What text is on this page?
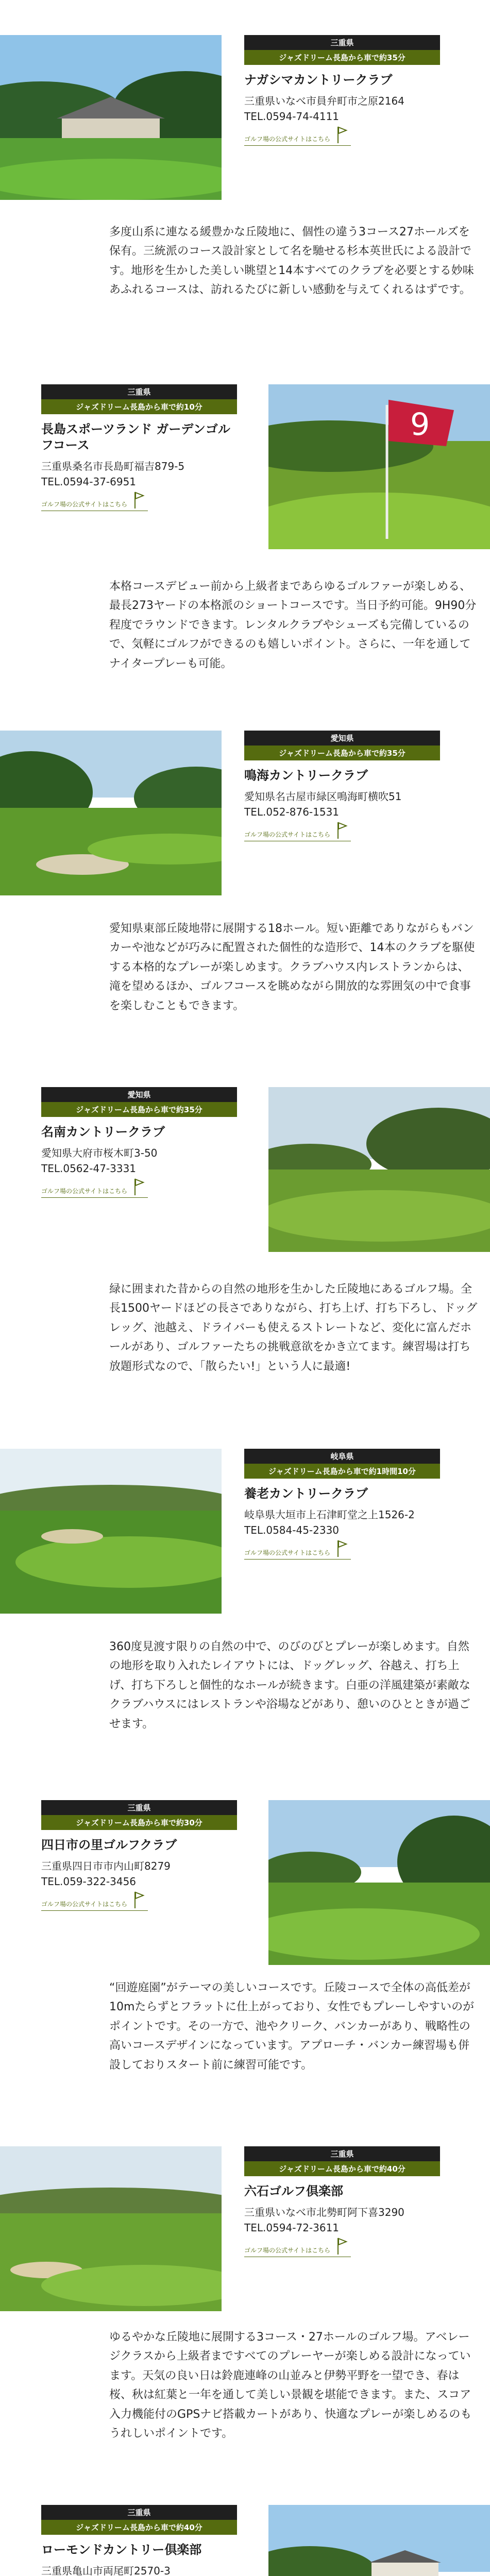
三重県
ジャズドリーム長島から車で約35分
ナガシマカントリークラブ
三重県いなべ市員弁町市之原2164
TEL.0594-74-4111
ゴルフ場の公式サイトはこちら
多度山系に連なる緩豊かな丘陵地に、個性の違う3コース27ホールズを保有。三統派のコース設計家として名を馳せる杉本英世氏による設計です。地形を生かした美しい眺望と14本すべてのクラブを必要とする妙味あふれるコースは、訪れるたびに新しい感動を与えてくれるはずです。
三重県
ジャズドリーム長島から車で約10分
長島スポーツランド ガーデンゴルフコース
三重県桑名市長島町福吉879-5
TEL.0594-37-6951
ゴルフ場の公式サイトはこちら
9
本格コースデビュー前から上級者まであらゆるゴルファーが楽しめる、最長273ヤードの本格派のショートコースです。当日予約可能。9H90分程度でラウンドできます。レンタルクラブやシューズも完備しているので、気軽にゴルフができるのも嬉しいポイント。さらに、一年を通してナイタープレーも可能。
愛知県
ジャズドリーム長島から車で約35分
鳴海カントリークラブ
愛知県名古屋市緑区鳴海町横吹51
TEL.052-876-1531
ゴルフ場の公式サイトはこちら
愛知県東部丘陵地帯に展開する18ホール。短い距離でありながらもバンカーや池などが巧みに配置された個性的な造形で、14本のクラブを駆使する本格的なプレーが楽しめます。クラブハウス内レストランからは、滝を望めるほか、ゴルフコースを眺めながら開放的な雰囲気の中で食事を楽しむこともできます。
愛知県
ジャズドリーム長島から車で約35分
名南カントリークラブ
愛知県大府市桜木町3-50
TEL.0562-47-3331
ゴルフ場の公式サイトはこちら
緑に囲まれた昔からの自然の地形を生かした丘陵地にあるゴルフ場。全長1500ヤードほどの長さでありながら、打ち上げ、打ち下ろし、ドッグレッグ、池越え、ドライバーも使えるストレートなど、変化に富んだホールがあり、ゴルファーたちの挑戦意欲をかき立てます。練習場は打ち放題形式なので、「散らたい!」という人に最適!
岐阜県
ジャズドリーム長島から車で約1時間10分
養老カントリークラブ
岐阜県大垣市上石津町堂之上1526-2
TEL.0584-45-2330
ゴルフ場の公式サイトはこちら
360度見渡す限りの自然の中で、のびのびとプレーが楽しめます。自然の地形を取り入れたレイアウトには、ドッグレッグ、谷越え、打ち上げ、打ち下ろしと個性的なホールが続きます。白亜の洋風建築が素敵なクラブハウスにはレストランや浴場などがあり、憩いのひとときが過ごせます。
三重県
ジャズドリーム長島から車で約30分
四日市の里ゴルフクラブ
三重県四日市市内山町8279
TEL.059-322-3456
ゴルフ場の公式サイトはこちら
“回遊庭園”がテーマの美しいコースです。丘陵コースで全体の高低差が10mたらずとフラットに仕上がっており、女性でもプレーしやすいのがポイントです。その一方で、池やクリーク、バンカーがあり、戦略性の高いコースデザインになっています。アプローチ・バンカー練習場も併設しておりスタート前に練習可能です。
三重県
ジャズドリーム長島から車で約40分
六石ゴルフ倶楽部
三重県いなべ市北勢町阿下喜3290
TEL.0594-72-3611
ゴルフ場の公式サイトはこちら
ゆるやかな丘陵地に展開する3コース・27ホールのゴルフ場。アベレージクラスから上級者まですべてのプレーヤーが楽しめる設計になっています。天気の良い日は鈴鹿連峰の山並みと伊勢平野を一望でき、春は桜、秋は紅葉と一年を通して美しい景観を堪能できます。また、スコア入力機能付のGPSナビ搭載カートがあり、快適なプレーが楽しめるのもうれしいポイントです。
三重県
ジャズドリーム長島から車で約40分
ローモンドカントリー倶楽部
三重県亀山市両尾町2570-3
